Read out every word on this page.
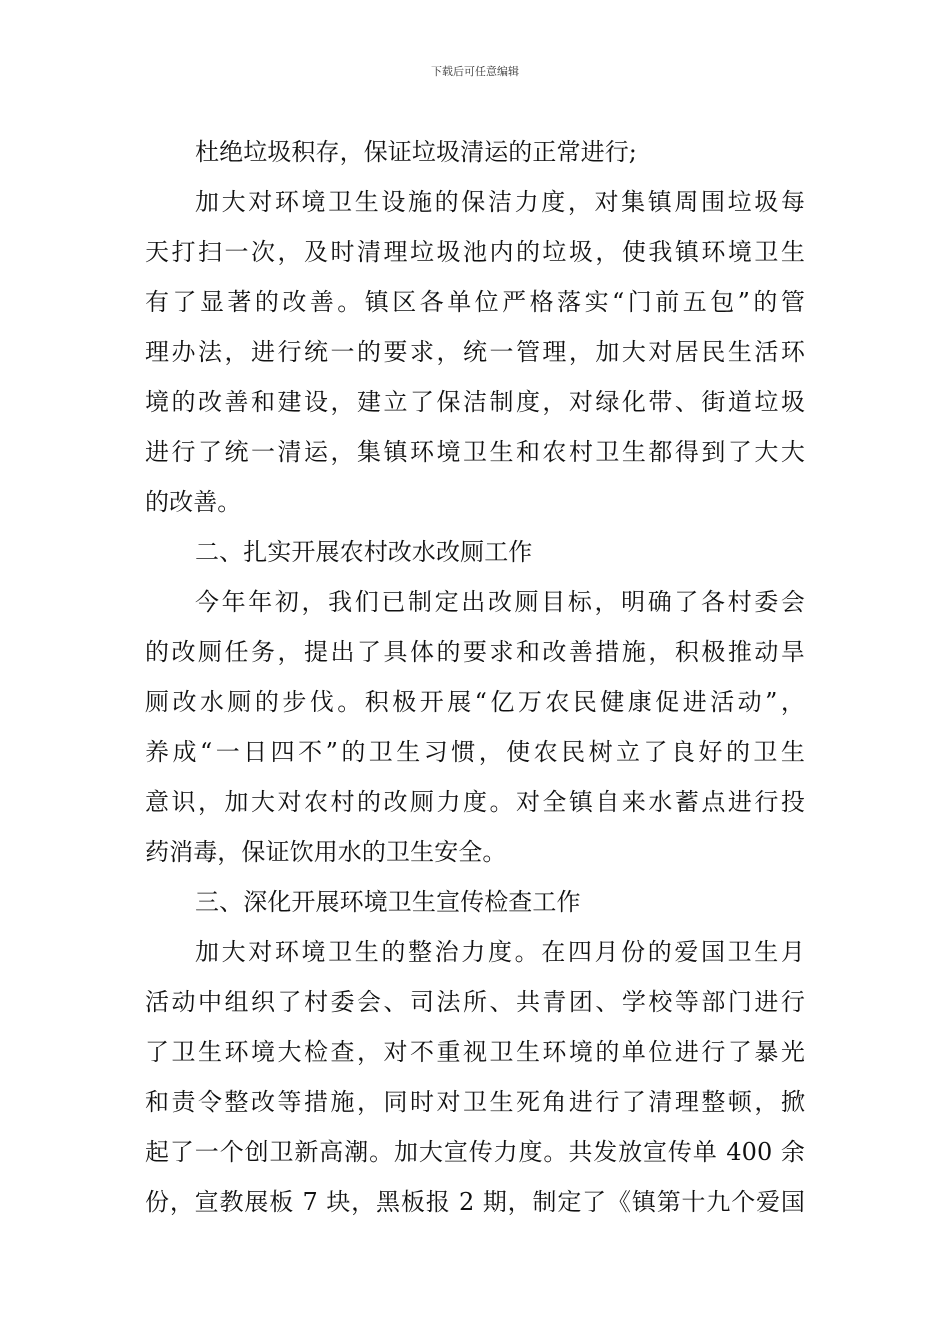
下载后可任意编辑
杜绝垃圾积存，保证垃圾清运的正常进行;
加大对环境卫生设施的保洁力度，对集镇周围垃圾每
天打扫一次，及时清理垃圾池内的垃圾，使我镇环境卫生
有了显著的改善。镇区各单位严格落实“门前五包”的管
理办法，进行统一的要求，统一管理，加大对居民生活环
境的改善和建设，建立了保洁制度，对绿化带、街道垃圾
进行了统一清运，集镇环境卫生和农村卫生都得到了大大
的改善。
二、扎实开展农村改水改厕工作
今年年初，我们已制定出改厕目标，明确了各村委会
的改厕任务，提出了具体的要求和改善措施，积极推动旱
厕改水厕的步伐。积极开展“亿万农民健康促进活动”，
养成“一日四不”的卫生习惯，使农民树立了良好的卫生
意识，加大对农村的改厕力度。对全镇自来水蓄点进行投
药消毒，保证饮用水的卫生安全。
三、深化开展环境卫生宣传检查工作
加大对环境卫生的整治力度。在四月份的爱国卫生月
活动中组织了村委会、司法所、共青团、学校等部门进行
了卫生环境大检查，对不重视卫生环境的单位进行了暴光
和责令整改等措施，同时对卫生死角进行了清理整顿，掀
起了一个创卫新高潮。加大宣传力度。共发放宣传单 400 余
份，宣教展板 7 块，黑板报 2 期，制定了《镇第十九个爱国
